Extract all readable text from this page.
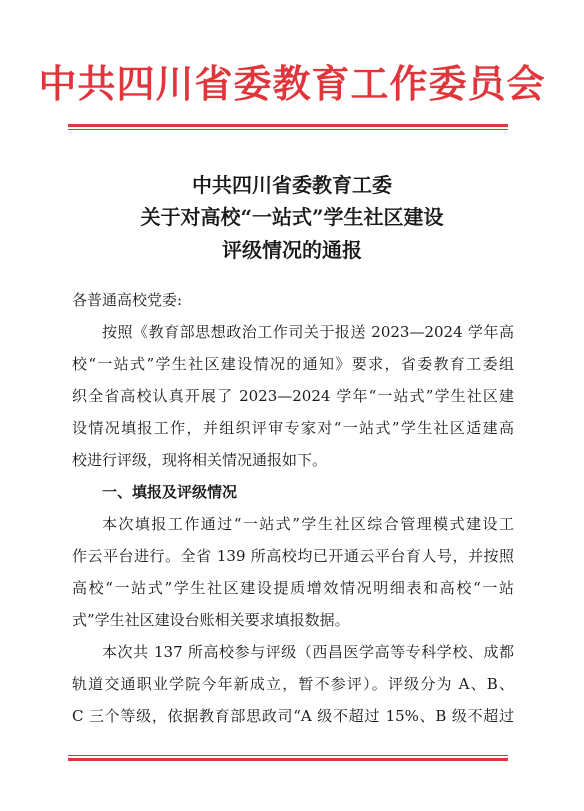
中共四川省委教育工作委员会
中共四川省委教育工委
关于对高校“一站式”学生社区建设
评级情况的通报
各普通高校党委:
按照《教育部思想政治工作司关于报送 2023—2024 学年高
校“一站式”学生社区建设情况的通知》要求，省委教育工委组
织全省高校认真开展了 2023—2024 学年“一站式”学生社区建
设情况填报工作，并组织评审专家对“一站式”学生社区适建高
校进行评级，现将相关情况通报如下。
一、填报及评级情况
本次填报工作通过“一站式”学生社区综合管理模式建设工
作云平台进行。全省 139 所高校均已开通云平台育人号，并按照
高校“一站式”学生社区建设提质增效情况明细表和高校“一站
式”学生社区建设台账相关要求填报数据。
本次共 137 所高校参与评级（西昌医学高等专科学校、成都
轨道交通职业学院今年新成立，暂不参评）。评级分为 A、B、
C 三个等级，依据教育部思政司“A 级不超过 15%、B 级不超过
